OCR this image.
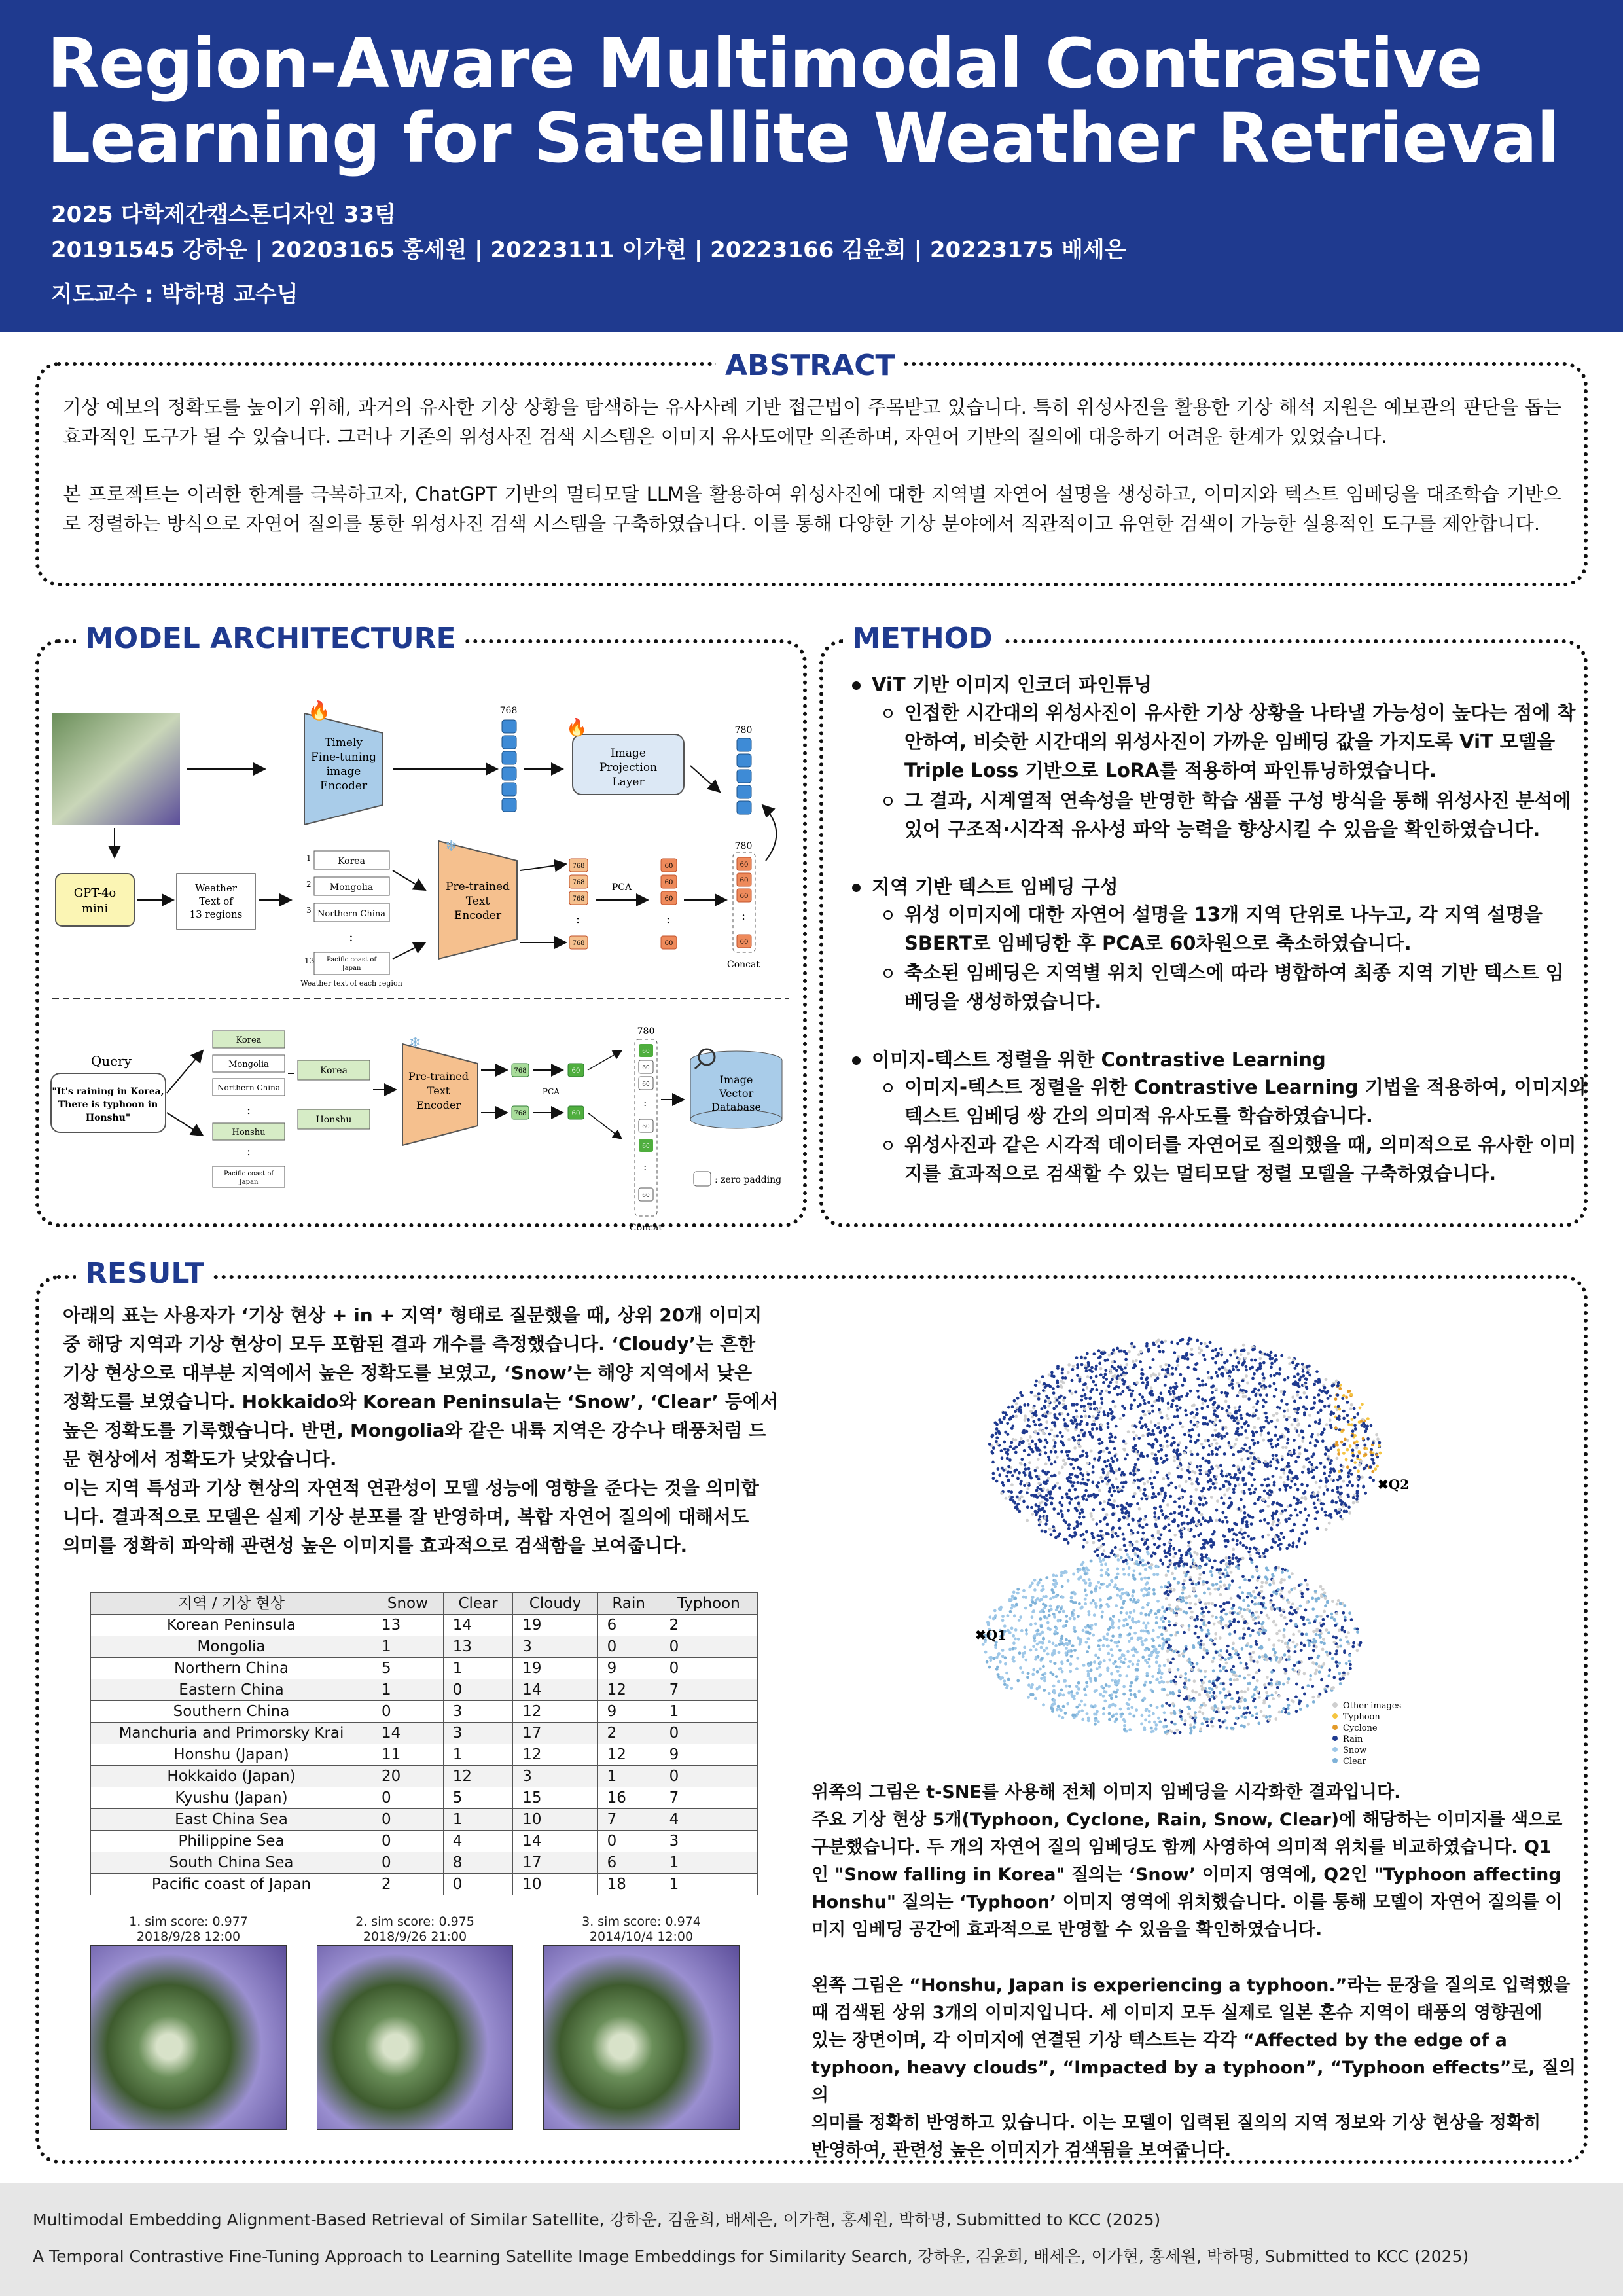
Region-Aware Multimodal Contrastive
Learning for Satellite Weather Retrieval
2025 다학제간캡스톤디자인 33팀
20191545 강하운 | 20203165 홍세원 | 20223111 이가현 | 20223166 김윤희 | 20223175 배세은
지도교수 : 박하명 교수님
ABSTRACT
기상 예보의 정확도를 높이기 위해, 과거의 유사한 기상 상황을 탐색하는 유사사례 기반 접근법이 주목받고 있습니다. 특히 위성사진을 활용한 기상 해석 지원은 예보관의 판단을 돕는 효과적인 도구가 될 수 있습니다. 그러나 기존의 위성사진 검색 시스템은 이미지 유사도에만 의존하며, 자연어 기반의 질의에 대응하기 어려운 한계가 있었습니다.
본 프로젝트는 이러한 한계를 극복하고자, ChatGPT 기반의 멀티모달 LLM을 활용하여 위성사진에 대한 지역별 자연어 설명을 생성하고, 이미지와 텍스트 임베딩을 대조학습 기반으로 정렬하는 방식으로 자연어 질의를 통한 위성사진 검색 시스템을 구축하였습니다. 이를 통해 다양한 기상 분야에서 직관적이고 유연한 검색이 가능한 실용적인 도구를 제안합니다.
MODEL ARCHITECTURE
Timely
Fine-tuning
image
Encoder
🔥	768
Image
Projection
Layer
🔥	780
GPT-4o
mini
Weather
Text of
13 regions
1	Korea
2 Mongolia
3 Northern China
:
13 Pacific coast of
Japan
Weather text of each region
Pre-trained
Text
Encoder
❄
768
768
768
:
768
PCA
60
60
60
:
60
780
60
60
60
:
60
Concat
Query
"It's raining in Korea,
There is typhoon in
Honshu"
Korea
Mongolia
Northern China
:
Honshu
:
Pacific coast of
Japan
Korea
Honshu
Pre-trained
Text
Encoder
❄
768
768
PCA
60
60
780
60
60
60
:
60
60
:
60
Concat
Image
Vector
Database
: zero padding
METHOD
ViT 기반 이미지 인코더 파인튜닝
인접한 시간대의 위성사진이 유사한 기상 상황을 나타낼 가능성이 높다는 점에 착
안하여, 비슷한 시간대의 위성사진이 가까운 임베딩 값을 가지도록 ViT 모델을
Triple Loss 기반으로 LoRA를 적용하여 파인튜닝하였습니다.
그 결과, 시계열적 연속성을 반영한 학습 샘플 구성 방식을 통해 위성사진 분석에
있어 구조적·시각적 유사성 파악 능력을 향상시킬 수 있음을 확인하였습니다.
지역 기반 텍스트 임베딩 구성
위성 이미지에 대한 자연어 설명을 13개 지역 단위로 나누고, 각 지역 설명을
SBERT로 임베딩한 후 PCA로 60차원으로 축소하였습니다.
축소된 임베딩은 지역별 위치 인덱스에 따라 병합하여 최종 지역 기반 텍스트 임
베딩을 생성하였습니다.
이미지-텍스트 정렬을 위한 Contrastive Learning
이미지-텍스트 정렬을 위한 Contrastive Learning 기법을 적용하여, 이미지와
텍스트 임베딩 쌍 간의 의미적 유사도를 학습하였습니다.
위성사진과 같은 시각적 데이터를 자연어로 질의했을 때, 의미적으로 유사한 이미
지를 효과적으로 검색할 수 있는 멀티모달 정렬 모델을 구축하였습니다.
RESULT
아래의 표는 사용자가 ‘기상 현상 + in + 지역’ 형태로 질문했을 때, 상위 20개 이미지
중 해당 지역과 기상 현상이 모두 포함된 결과 개수를 측정했습니다. ‘Cloudy’는 흔한
기상 현상으로 대부분 지역에서 높은 정확도를 보였고, ‘Snow’는 해양 지역에서 낮은
정확도를 보였습니다. Hokkaido와 Korean Peninsula는 ‘Snow’, ‘Clear’ 등에서
높은 정확도를 기록했습니다. 반면, Mongolia와 같은 내륙 지역은 강수나 태풍처럼 드
문 현상에서 정확도가 낮았습니다.
이는 지역 특성과 기상 현상의 자연적 연관성이 모델 성능에 영향을 준다는 것을 의미합
니다. 결과적으로 모델은 실제 기상 분포를 잘 반영하며, 복합 자연어 질의에 대해서도
의미를 정확히 파악해 관련성 높은 이미지를 효과적으로 검색함을 보여줍니다.
지역 / 기상 현상	Snow	Clear	Cloudy	Rain	Typhoon
Korean Peninsula	13	14	19	6	2
Mongolia	1	13	3	0	0
Northern China	5	1	19	9	0
Eastern China	1	0	14	12	7
Southern China	0	3	12	9	1
Manchuria and Primorsky Krai	14	3	17	2	0
Honshu (Japan)	11	1	12	12	9
Hokkaido (Japan)	20	12	3	1	0
Kyushu (Japan)	0	5	15	16	7
East China Sea	0	1	10	7	4
Philippine Sea	0	4	14	0	3
South China Sea	0	8	17	6	1
Pacific coast of Japan	2	0	10	18	1
1. sim score: 0.977
2018/9/28 12:00
2. sim score: 0.975
2018/9/26 21:00
3. sim score: 0.974
2014/10/4 12:00
✖Q1
✖Q2
Other images
Typhoon
Cyclone
Rain
Snow
Clear
위쪽의 그림은 t-SNE를 사용해 전체 이미지 임베딩을 시각화한 결과입니다.
주요 기상 현상 5개(Typhoon, Cyclone, Rain, Snow, Clear)에 해당하는 이미지를 색으로
구분했습니다. 두 개의 자연어 질의 임베딩도 함께 사영하여 의미적 위치를 비교하였습니다. Q1
인 "Snow falling in Korea" 질의는 ‘Snow’ 이미지 영역에, Q2인 "Typhoon affecting
Honshu" 질의는 ‘Typhoon’ 이미지 영역에 위치했습니다. 이를 통해 모델이 자연어 질의를 이
미지 임베딩 공간에 효과적으로 반영할 수 있음을 확인하였습니다.
왼쪽 그림은 “Honshu, Japan is experiencing a typhoon.”라는 문장을 질의로 입력했을
때 검색된 상위 3개의 이미지입니다. 세 이미지 모두 실제로 일본 혼슈 지역이 태풍의 영향권에
있는 장면이며, 각 이미지에 연결된 기상 텍스트는 각각 “Affected by the edge of a
typhoon, heavy clouds”, “Impacted by a typhoon”, “Typhoon effects”로, 질의의
의미를 정확히 반영하고 있습니다. 이는 모델이 입력된 질의의 지역 정보와 기상 현상을 정확히
반영하여, 관련성 높은 이미지가 검색됨을 보여줍니다.
Multimodal Embedding Alignment-Based Retrieval of Similar Satellite, 강하운, 김윤희, 배세은, 이가현, 홍세원, 박하명, Submitted to KCC (2025)
A Temporal Contrastive Fine-Tuning Approach to Learning Satellite Image Embeddings for Similarity Search, 강하운, 김윤희, 배세은, 이가현, 홍세원, 박하명, Submitted to KCC (2025)
